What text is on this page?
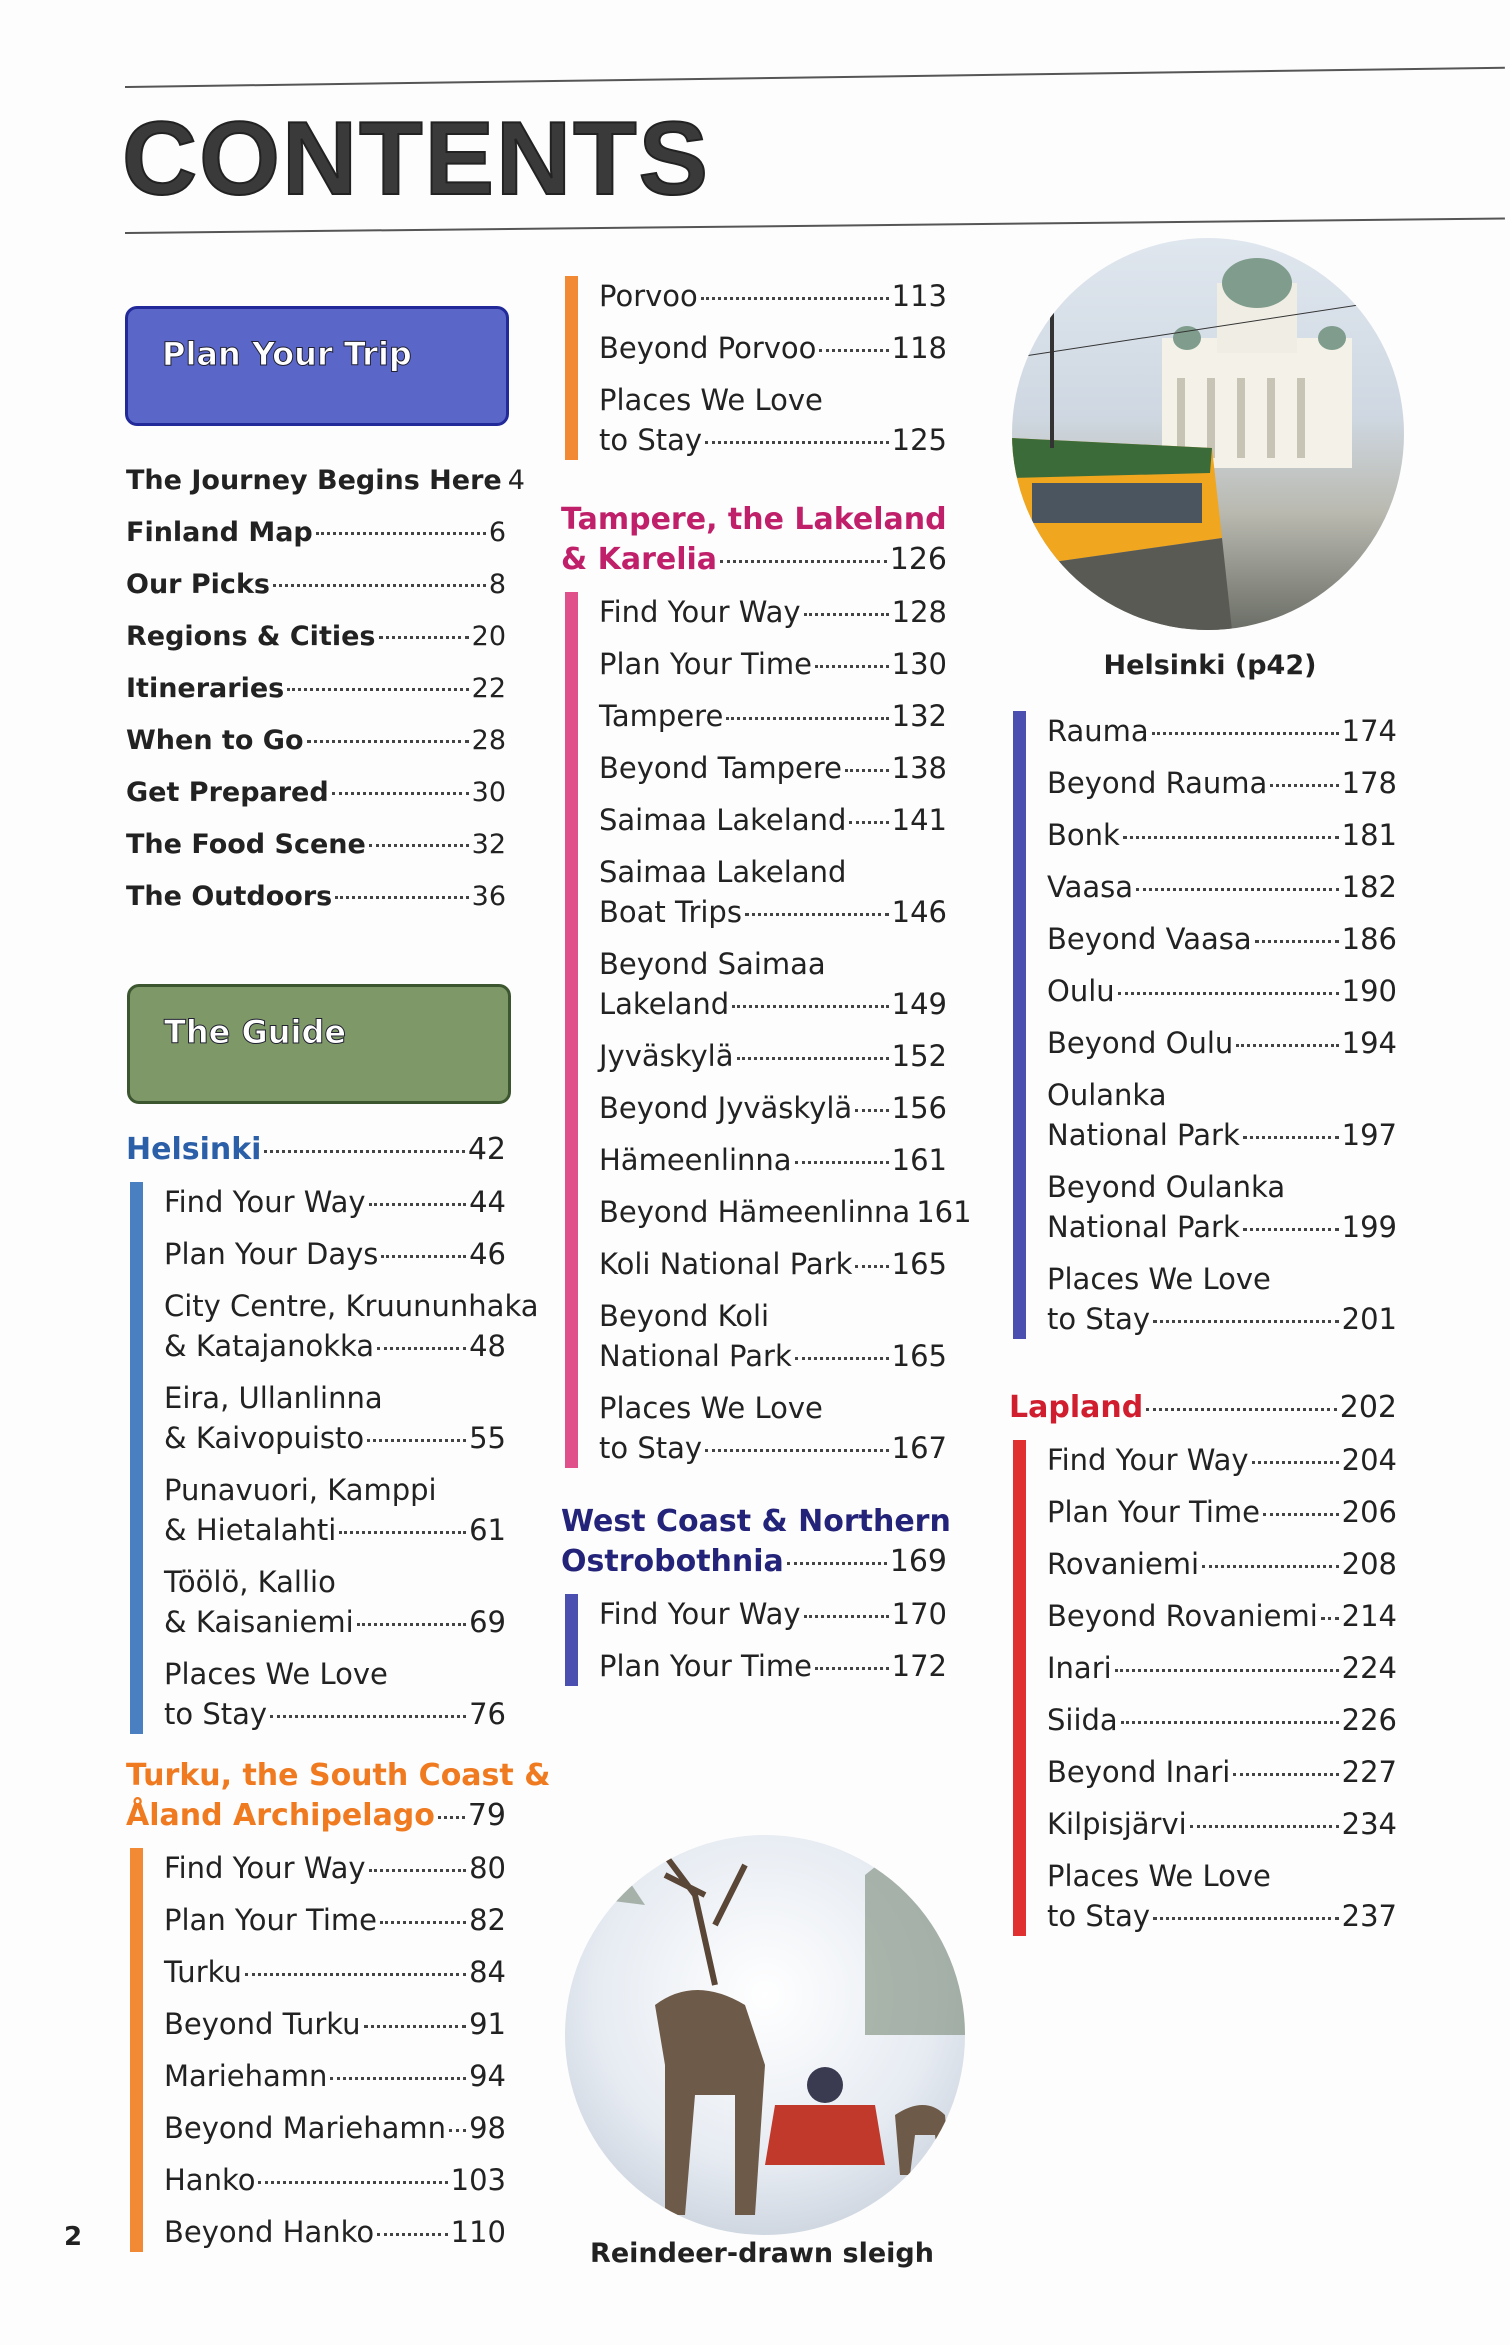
CONTENTS
Plan Your Trip
The Guide
The Journey Begins Here 4
Finland Map	6
Our Picks	8
Regions & Cities	20
Itineraries	22
When to Go	28
Get Prepared	30
The Food Scene	32
The Outdoors	36
Helsinki	42
Find Your Way	44
Plan Your Days	46
City Centre, Kruununhaka
& Katajanokka	48
Eira, Ullanlinna
& Kaivopuisto	55
Punavuori, Kamppi
& Hietalahti	61
Töölö, Kallio
& Kaisaniemi	69
Places We Love
to Stay	76
Turku, the South Coast &
Åland Archipelago 79
Find Your Way	80
Plan Your Time	82
Turku	84
Beyond Turku	91
Mariehamn	94
Beyond Mariehamn 98
Hanko	103
Beyond Hanko	110
Porvoo	113
Beyond Porvoo	118
Places We Love
to Stay	125
Tampere, the Lakeland
& Karelia	126
Find Your Way	128
Plan Your Time	130
Tampere	132
Beyond Tampere 138
Saimaa Lakeland 141
Saimaa Lakeland
Boat Trips	146
Beyond Saimaa
Lakeland	149
Jyväskylä	152
Beyond Jyväskylä 156
Hämeenlinna	161
Beyond Hämeenlinna 161
Koli National Park 165
Beyond Koli
National Park	165
Places We Love
to Stay	167
West Coast & Northern
Ostrobothnia	169
Find Your Way	170
Plan Your Time	172
Rauma	174
Beyond Rauma	178
Bonk	181
Vaasa	182
Beyond Vaasa	186
Oulu	190
Beyond Oulu	194
Oulanka
National Park	197
Beyond Oulanka
National Park	199
Places We Love
to Stay	201
Lapland	202
Find Your Way	204
Plan Your Time	206
Rovaniemi	208
Beyond Rovaniemi 214
Inari	224
Siida	226
Beyond Inari	227
Kilpisjärvi	234
Places We Love
to Stay	237
Helsinki (p42)
Reindeer-drawn sleigh
2
